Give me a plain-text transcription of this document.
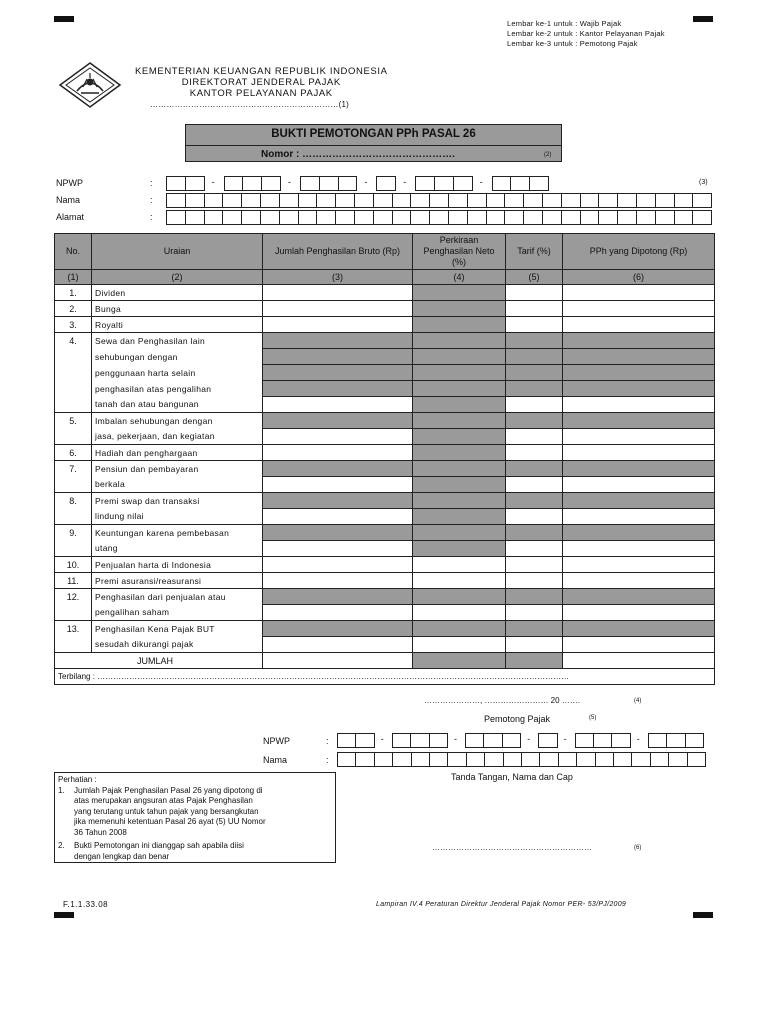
Lembar ke-1 untuk : Wajib Pajak
Lembar ke-2 untuk : Kantor Pelayanan Pajak
Lembar ke-3 untuk : Pemotong Pajak
KEMENTERIAN KEUANGAN REPUBLIK INDONESIA
DIREKTORAT JENDERAL PAJAK
KANTOR PELAYANAN PAJAK
……………………………………………………………(1)
BUKTI PEMOTONGAN PPh PASAL 26
Nomor : ……………………………………….	(2)
NPWP	:
Nama	:
Alamat	:
(3)
-	-	-	-	-
No.	Uraian	Jumlah Penghasilan Bruto (Rp)	Perkiraan Penghasilan Neto (%)	Tarif (%)	PPh yang Dipotong (Rp)
(1)	(2)	(3)	(4)	(5)	(6)
1.	Dividen				
2.	Bunga				
3.	Royalti				
4.	Sewa dan Penghasilan lain				
	sehubungan dengan				
	penggunaan harta selain				
	penghasilan atas pengalihan				
	tanah dan atau bangunan				
5.	Imbalan sehubungan dengan				
	jasa, pekerjaan, dan kegiatan				
6.	Hadiah dan penghargaan				
7.	Pensiun dan pembayaran				
	berkala				
8.	Premi swap dan transaksi				
	lindung nilai				
9.	Keuntungan karena pembebasan				
	utang				
10.	Penjualan harta di Indonesia				
11.	Premi asuransi/reasuransi				
12.	Penghasilan dari penjualan atau				
	pengalihan saham				
13.	Penghasilan Kena Pajak BUT				
	sesudah dikurangi pajak				
JUMLAH					
Terbilang : ……………………………………………………………………………………………………………………………………………………………					
…………………, …………………… 20 …….	(4)
Pemotong Pajak	(5)
NPWP	:
Nama	:
-	-	-	-	-
Tanda Tangan, Nama dan Cap
……………………………………………………	(6)
Perhatian :
1. Jumlah Pajak Penghasilan Pasal 26 yang dipotong di
atas merupakan angsuran atas Pajak Penghasilan
yang terutang untuk tahun pajak yang bersangkutan
jika memenuhi ketentuan Pasal 26 ayat (5) UU Nomor
36 Tahun 2008
2. Bukti Pemotongan ini dianggap sah apabila diisi
dengan lengkap dan benar
F.1.1.33.08	Lampiran IV.4 Peraturan Direktur Jenderal Pajak Nomor PER- 53/PJ/2009
